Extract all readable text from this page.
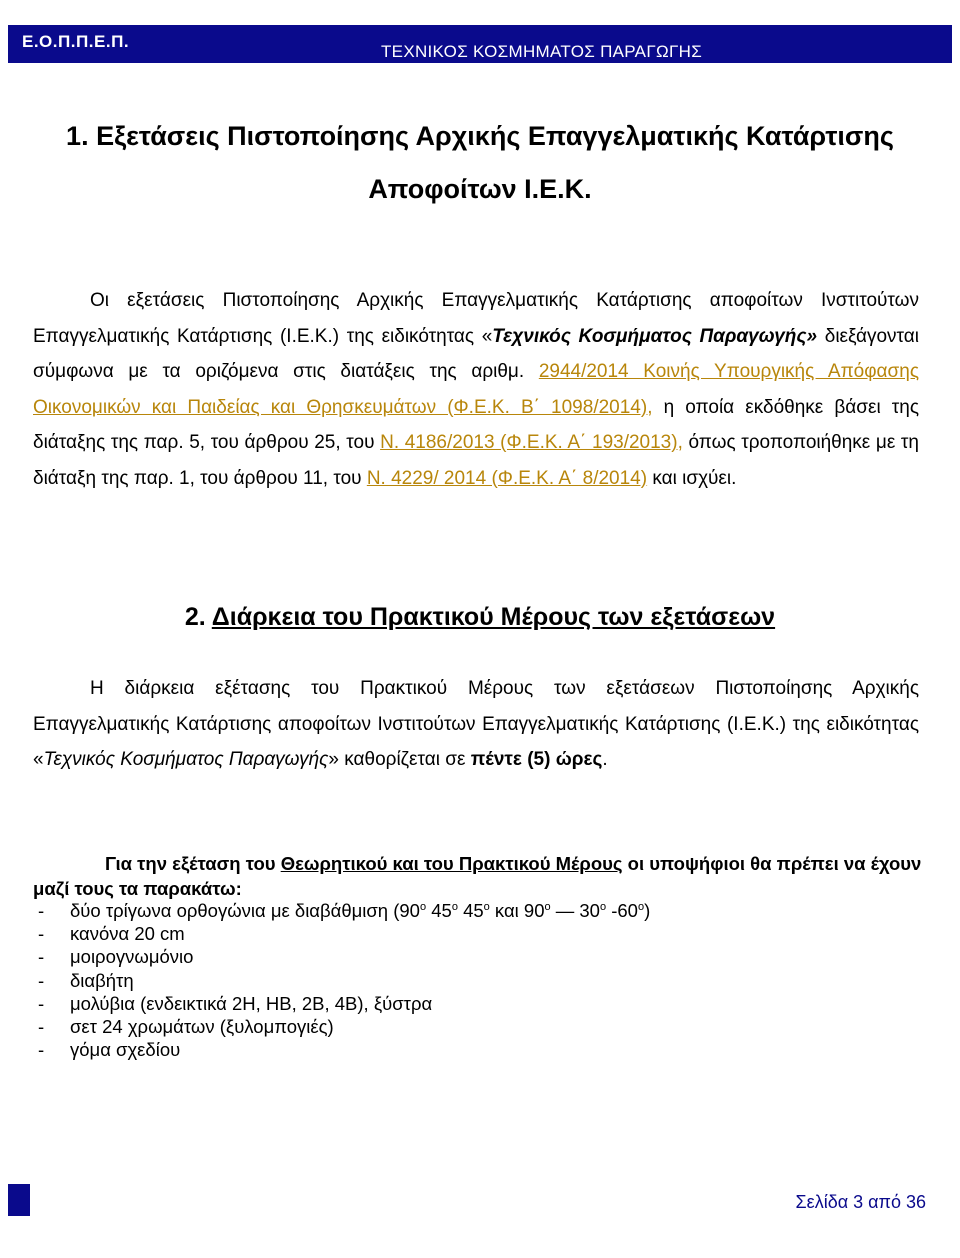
Ε.Ο.Π.Π.Ε.Π.
ΤΕΧΝΙΚΟΣ ΚΟΣΜΗΜΑΤΟΣ ΠΑΡΑΓΩΓΗΣ
1. Εξετάσεις Πιστοποίησης Αρχικής Επαγγελματικής Κατάρτισης
Αποφοίτων Ι.Ε.Κ.
Οι εξετάσεις Πιστοποίησης Αρχικής Επαγγελματικής Κατάρτισης αποφοίτων Ινστιτούτων Επαγγελματικής Κατάρτισης (Ι.Ε.Κ.) της ειδικότητας «Τεχνικός Κοσμήματος Παραγωγής» διεξάγονται σύμφωνα με τα οριζόμενα στις διατάξεις της αριθμ. 2944/2014 Κοινής Υπουργικής Απόφασης Οικονομικών και Παιδείας και Θρησκευμάτων (Φ.Ε.Κ. Β΄ 1098/2014), η οποία εκδόθηκε βάσει της διάταξης της παρ. 5, του άρθρου 25, του Ν. 4186/2013 (Φ.Ε.Κ. Α΄ 193/2013), όπως τροποποιήθηκε με τη διάταξη της παρ. 1, του άρθρου 11, του Ν. 4229/ 2014 (Φ.Ε.Κ. Α΄ 8/2014) και ισχύει.
2. Διάρκεια του Πρακτικού Μέρους των εξετάσεων
Η διάρκεια εξέτασης του Πρακτικού Μέρους των εξετάσεων Πιστοποίησης Αρχικής Επαγγελματικής Κατάρτισης αποφοίτων Ινστιτούτων Επαγγελματικής Κατάρτισης (Ι.Ε.Κ.) της ειδικότητας «Τεχνικός Κοσμήματος Παραγωγής» καθορίζεται σε πέντε (5) ώρες.
Για την εξέταση του Θεωρητικού και του Πρακτικού Μέρους οι υποψήφιοι θα πρέπει να έχουν μαζί τους τα παρακάτω:
- δύο τρίγωνα ορθογώνια με διαβάθμιση ($90^o$ $45^o$ $45^o$ και $90^o$ — $30^o$ $-60^o$)
- κανόνα 20 cm
- μοιρογνωμόνιο
- διαβήτη
- μολύβια (ενδεικτικά 2Η, ΗΒ, 2Β, 4Β), ξύστρα
- σετ 24 χρωμάτων (ξυλομπογιές)
- γόμα σχεδίου
Σελίδα 3 από 36
